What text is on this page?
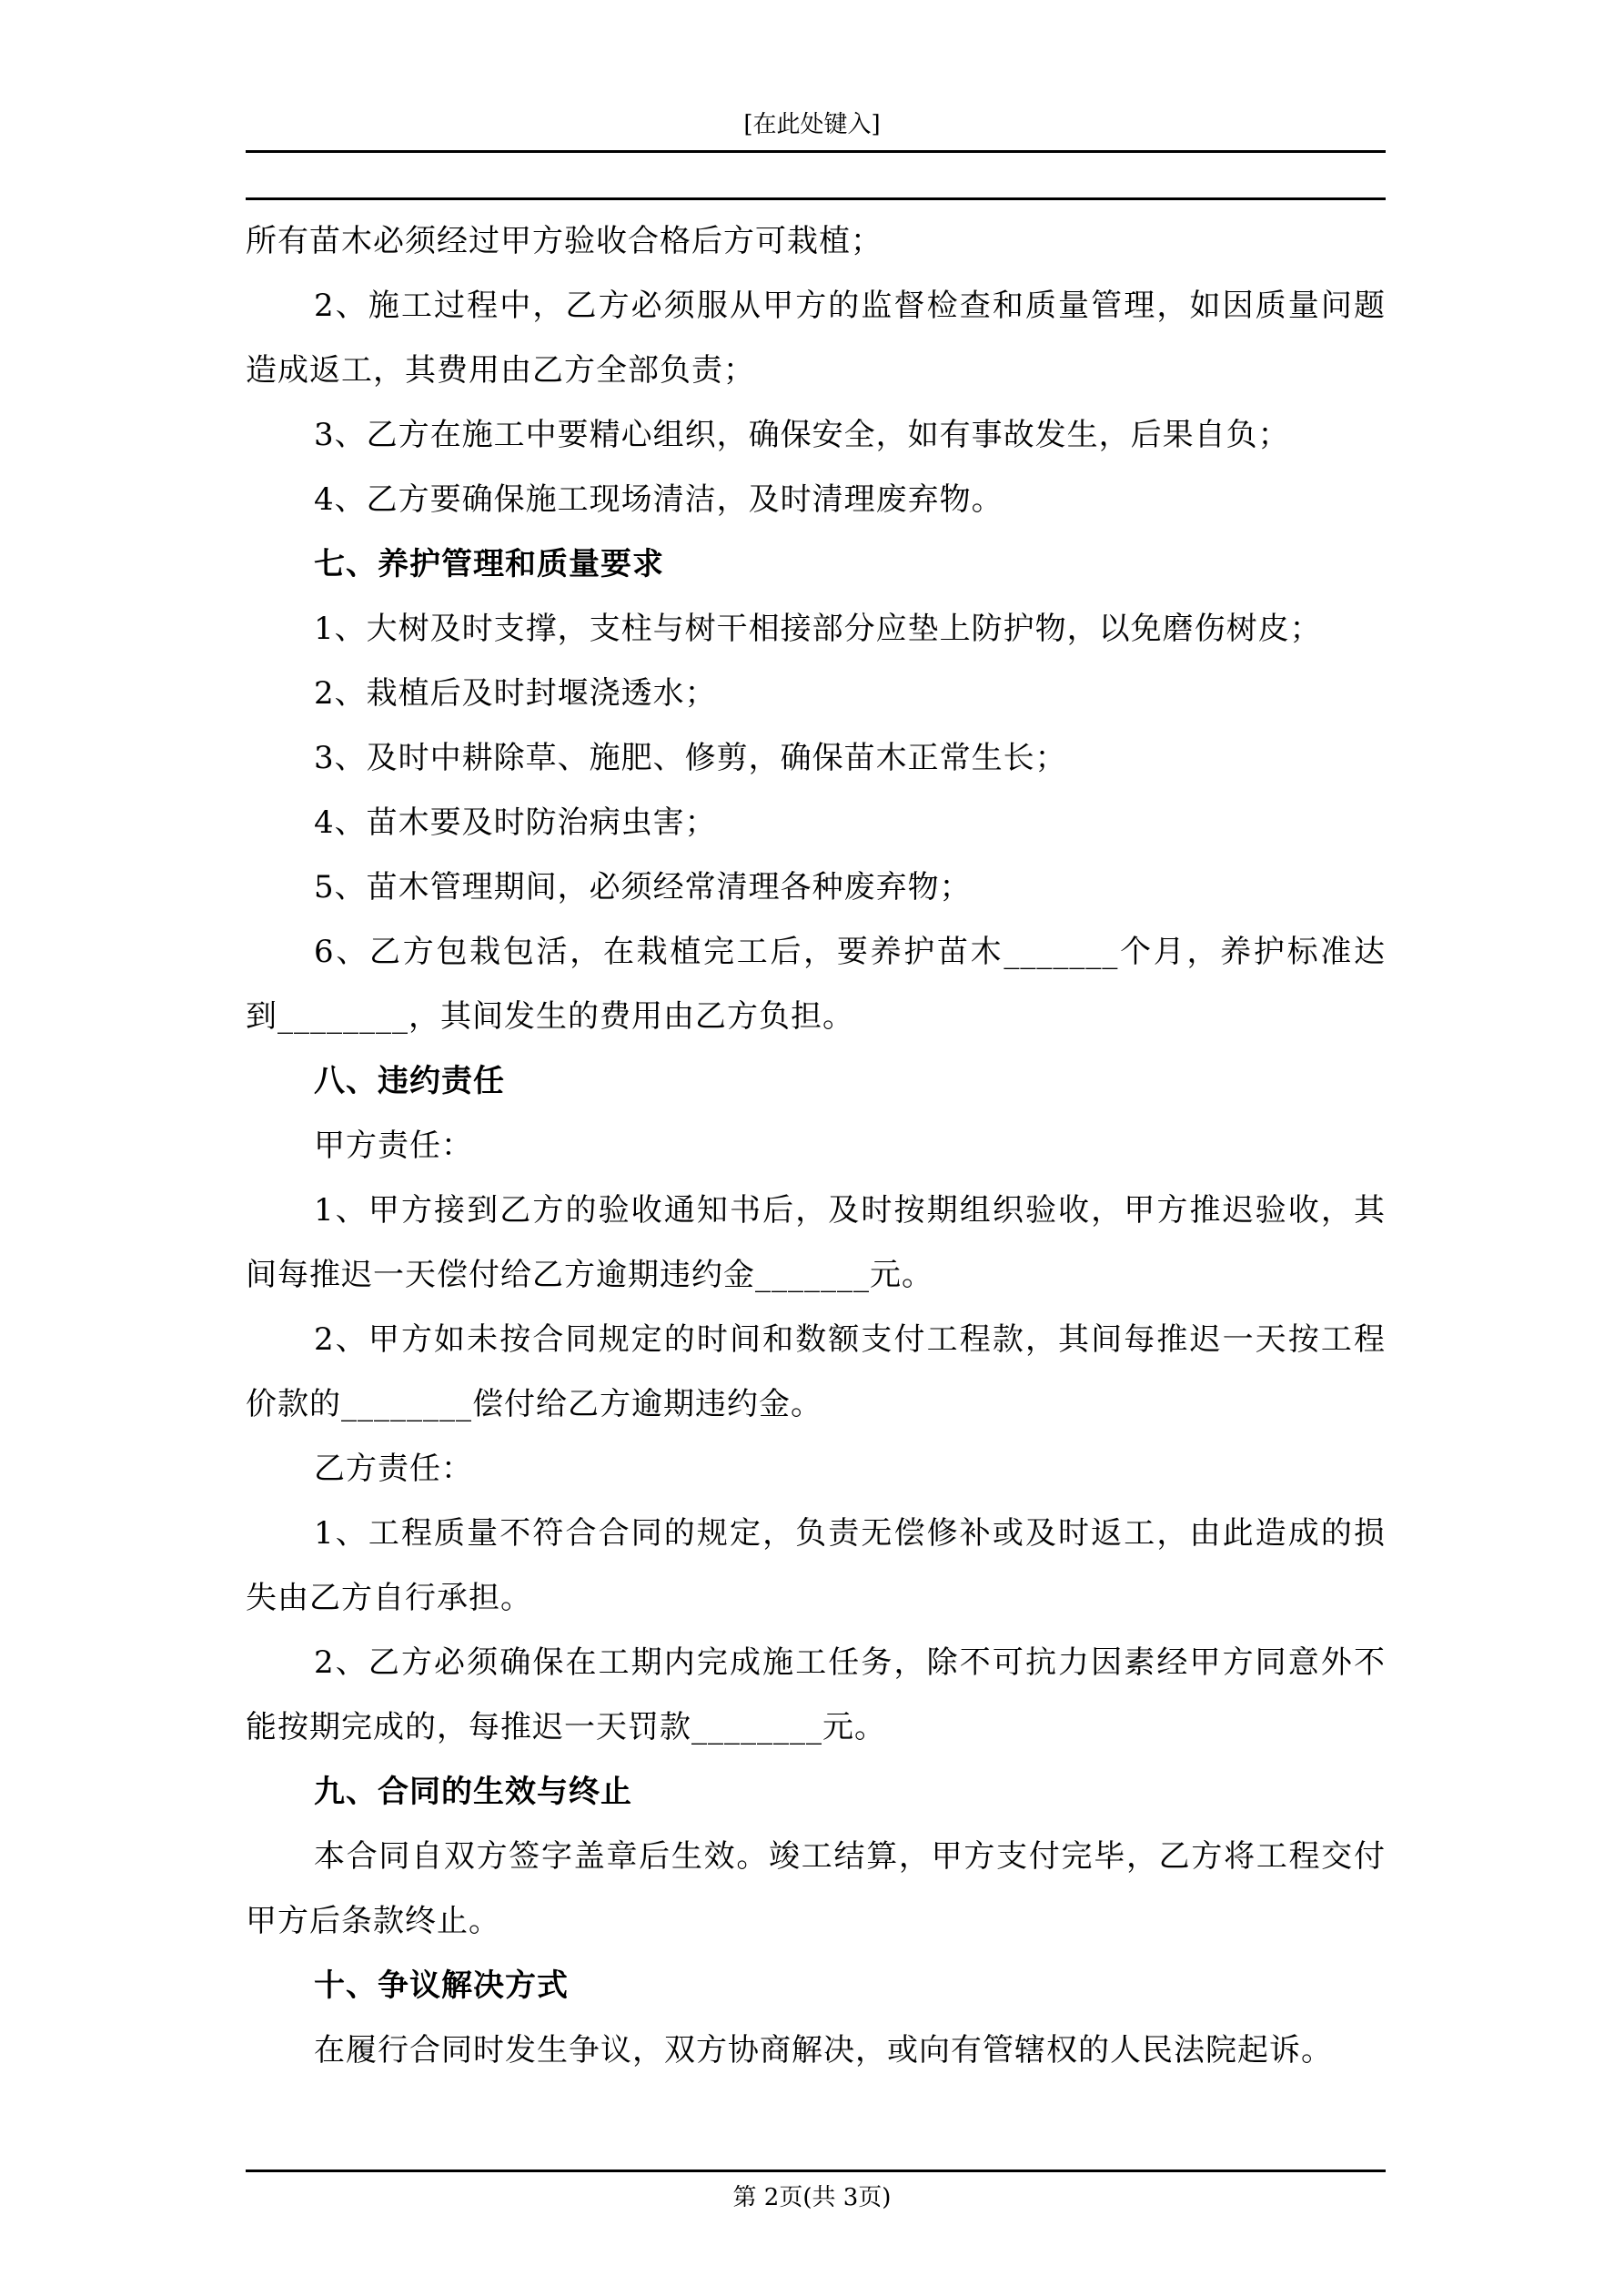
[在此处键入]
所有苗木必须经过甲方验收合格后方可栽植；
2、施工过程中，乙方必须服从甲方的监督检查和质量管理，如因质量问题
造成返工，其费用由乙方全部负责；
3、乙方在施工中要精心组织，确保安全，如有事故发生，后果自负；
4、乙方要确保施工现场清洁，及时清理废弃物。
七、养护管理和质量要求
1、大树及时支撑，支柱与树干相接部分应垫上防护物，以免磨伤树皮；
2、栽植后及时封堰浇透水；
3、及时中耕除草、施肥、修剪，确保苗木正常生长；
4、苗木要及时防治病虫害；
5、苗木管理期间，必须经常清理各种废弃物；
6、乙方包栽包活，在栽植完工后，要养护苗木_______个月，养护标准达
到________，其间发生的费用由乙方负担。
八、违约责任
甲方责任：
1、甲方接到乙方的验收通知书后，及时按期组织验收，甲方推迟验收，其
间每推迟一天偿付给乙方逾期违约金_______元。
2、甲方如未按合同规定的时间和数额支付工程款，其间每推迟一天按工程
价款的________偿付给乙方逾期违约金。
乙方责任：
1、工程质量不符合合同的规定，负责无偿修补或及时返工，由此造成的损
失由乙方自行承担。
2、乙方必须确保在工期内完成施工任务，除不可抗力因素经甲方同意外不
能按期完成的，每推迟一天罚款________元。
九、合同的生效与终止
本合同自双方签字盖章后生效。竣工结算，甲方支付完毕，乙方将工程交付
甲方后条款终止。
十、争议解决方式
在履行合同时发生争议，双方协商解决，或向有管辖权的人民法院起诉。
第 2页(共 3页)
